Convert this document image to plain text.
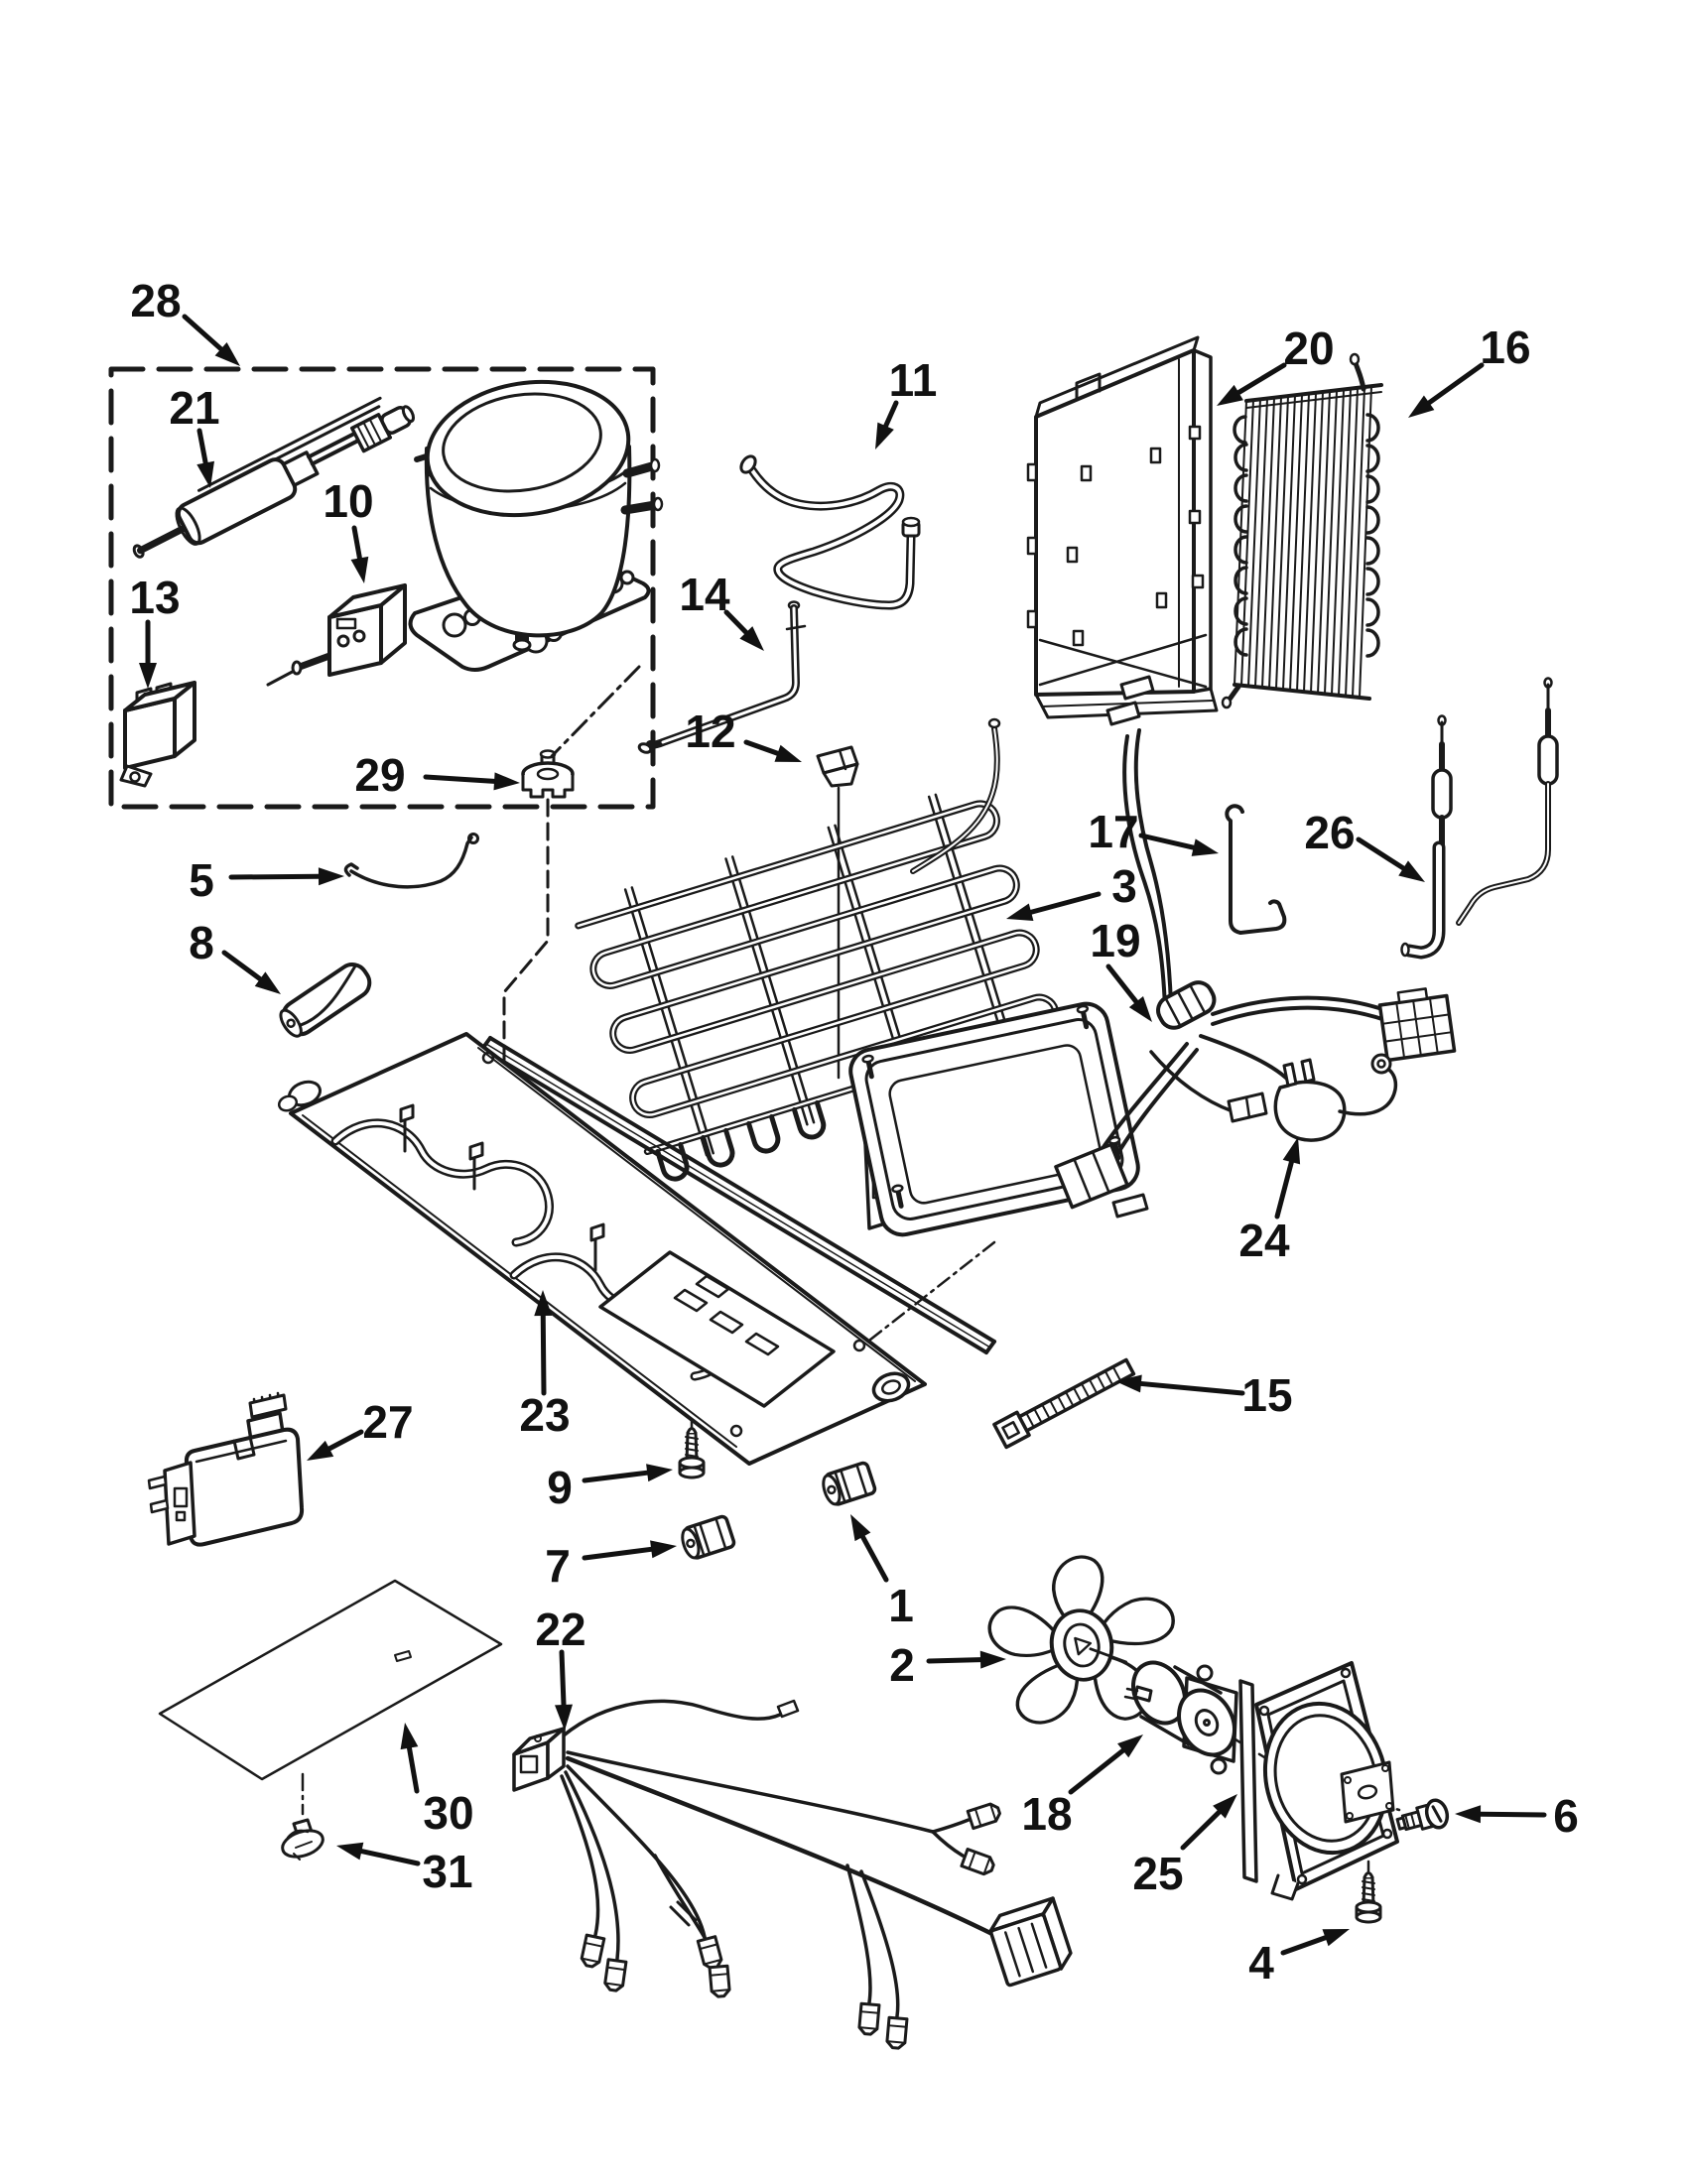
1
2
3
4
5
6
7
8
9
10
11
12
13	14
15
16
17
18
19
20
21
22
23
24
25
26
27
28
29
30
31
